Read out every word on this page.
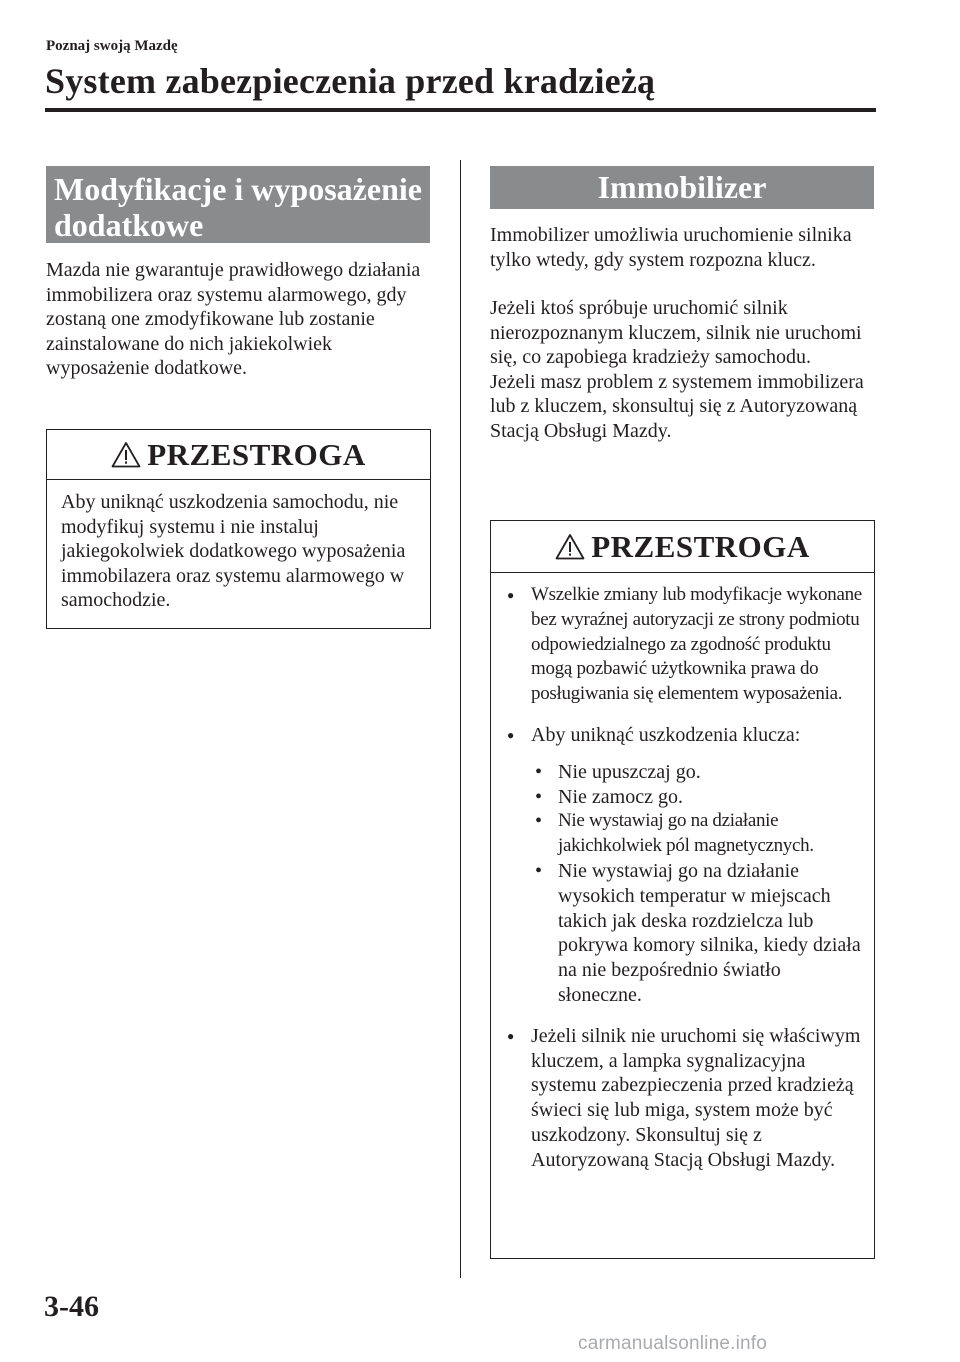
Poznaj swoją Mazdę
System zabezpieczenia przed kradzieżą
Modyfikacje i wyposażenie
dodatkowe
Mazda nie gwarantuje prawidłowego działania immobilizera oraz systemu alarmowego, gdy zostaną one zmodyfikowane lub zostanie zainstalowane do nich jakiekolwiek wyposażenie dodatkowe.
PRZESTROGA
Aby uniknąć uszkodzenia samochodu, nie modyfikuj systemu i nie instaluj jakiegokolwiek dodatkowego wyposażenia immobilazera oraz systemu alarmowego w samochodzie.
Immobilizer

Immobilizer umożliwia uruchomienie silnika tylko wtedy, gdy system rozpozna klucz.

Jeżeli ktoś spróbuje uruchomić silnik nierozpoznanym kluczem, silnik nie uruchomi się, co zapobiega kradzieży samochodu.

Jeżeli masz problem z systemem immobilizera lub z kluczem, skonsultuj się z Autoryzowaną Stacją Obsługi Mazdy.

PRZESTROGA
● Wszelkie zmiany lub modyfikacje wykonane bez wyraźnej autoryzacji ze strony podmiotu odpowiedzialnego za zgodność produktu mogą pozbawić użytkownika prawa do posługiwania się elementem wyposażenia.
● Aby uniknąć uszkodzenia klucza:
• Nie upuszczaj go.
• Nie zamocz go.
• Nie wystawiaj go na działanie jakichkolwiek pól magnetycznych.
• Nie wystawiaj go na działanie wysokich temperatur w miejscach takich jak deska rozdzielcza lub pokrywa komory silnika, kiedy działa na nie bezpośrednio światło słoneczne.
● Jeżeli silnik nie uruchomi się właściwym kluczem, a lampka sygnalizacyjna systemu zabezpieczenia przed kradzieżą świeci się lub miga, system może być uszkodzony. Skonsultuj się z Autoryzowaną Stacją Obsługi Mazdy.
3-46
carmanualsonline.info
